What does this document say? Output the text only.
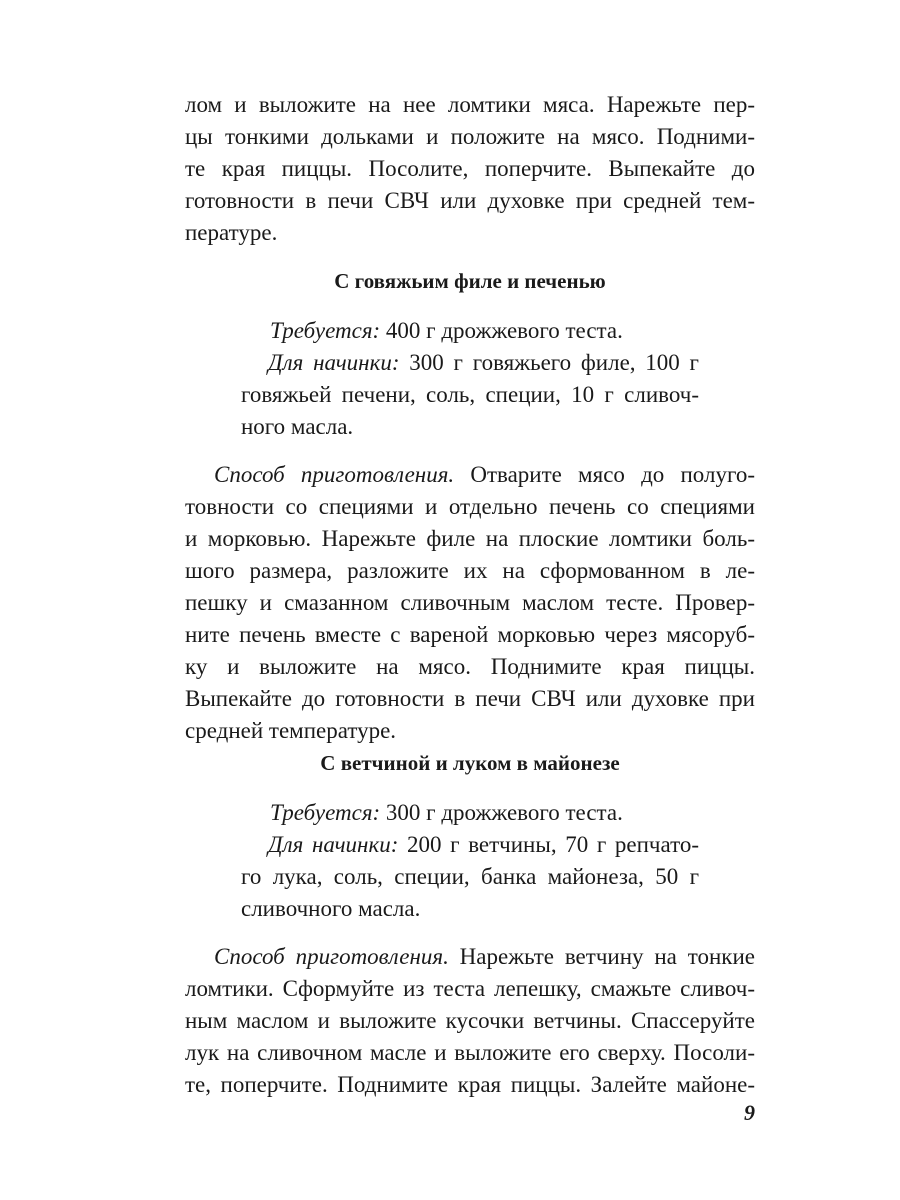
лом и выложите на нее ломтики мяса. Нарежьте пер-
цы тонкими дольками и положите на мясо. Подними-
те края пиццы. Посолите, поперчите. Выпекайте до
готовности в печи СВЧ или духовке при средней тем-
пературе.
С говяжьим филе и печенью
Требуется: 400 г дрожжевого теста.
Для начинки: 300 г говяжьего филе, 100 г
говяжьей печени, соль, специи, 10 г сливоч-
ного масла.
Способ приготовления. Отварите мясо до полуго-
товности со специями и отдельно печень со специями
и морковью. Нарежьте филе на плоские ломтики боль-
шого размера, разложите их на сформованном в ле-
пешку и смазанном сливочным маслом тесте. Провер-
ните печень вместе с вареной морковью через мясоруб-
ку и выложите на мясо. Поднимите края пиццы.
Выпекайте до готовности в печи СВЧ или духовке при
средней температуре.
С ветчиной и луком в майонезе
Требуется: 300 г дрожжевого теста.
Для начинки: 200 г ветчины, 70 г репчато-
го лука, соль, специи, банка майонеза, 50 г
сливочного масла.
Способ приготовления. Нарежьте ветчину на тонкие
ломтики. Сформуйте из теста лепешку, смажьте сливоч-
ным маслом и выложите кусочки ветчины. Спассеруйте
лук на сливочном масле и выложите его сверху. Посоли-
те, поперчите. Поднимите края пиццы. Залейте майоне-
9
